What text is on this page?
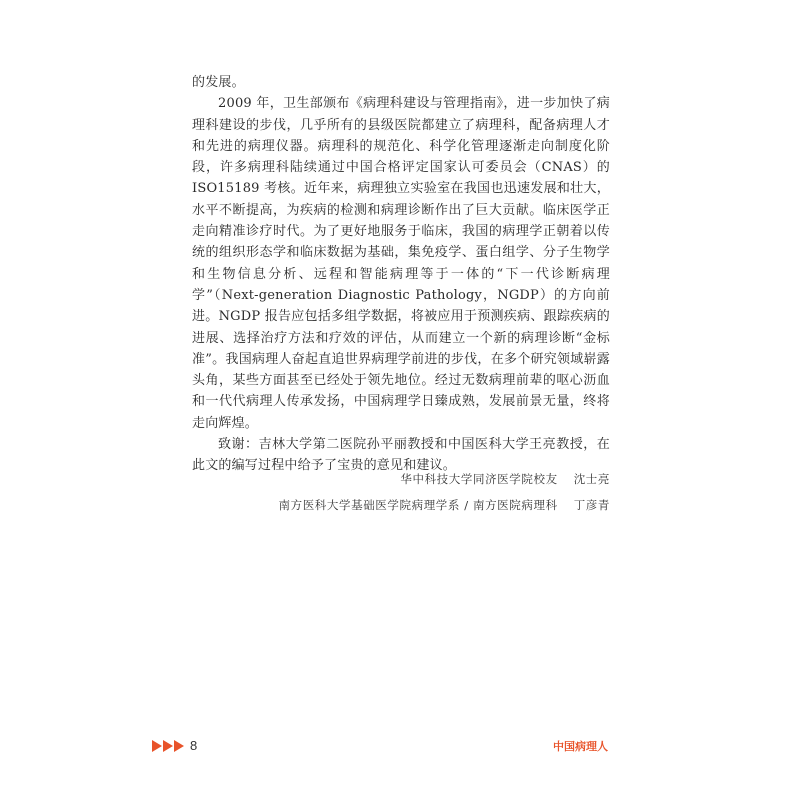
的发展。

2009 年，卫生部颁布《病理科建设与管理指南》，进一步加快了病理科建设的步伐，几乎所有的县级医院都建立了病理科，配备病理人才和先进的病理仪器。病理科的规范化、科学化管理逐渐走向制度化阶段，许多病理科陆续通过中国合格评定国家认可委员会（CNAS）的 ISO15189 考核。近年来，病理独立实验室在我国也迅速发展和壮大，水平不断提高，为疾病的检测和病理诊断作出了巨大贡献。临床医学正走向精准诊疗时代。为了更好地服务于临床，我国的病理学正朝着以传统的组织形态学和临床数据为基础，集免疫学、蛋白组学、分子生物学和生物信息分析、远程和智能病理等于一体的“下一代诊断病理学”（Next-generation Diagnostic Pathology，NGDP）的方向前进。NGDP 报告应包括多组学数据，将被应用于预测疾病、跟踪疾病的进展、选择治疗方法和疗效的评估，从而建立一个新的病理诊断“金标准”。我国病理人奋起直追世界病理学前进的步伐，在多个研究领域崭露头角，某些方面甚至已经处于领先地位。经过无数病理前辈的呕心沥血和一代代病理人传承发扬，中国病理学日臻成熟，发展前景无量，终将走向辉煌。

致谢：吉林大学第二医院孙平丽教授和中国医科大学王亮教授，在此文的编写过程中给予了宝贵的意见和建议。

华中科技大学同济医学院校友 沈士亮
南方医科大学基础医学院病理学系 / 南方医院病理科 丁彦青
8	中国病理人
